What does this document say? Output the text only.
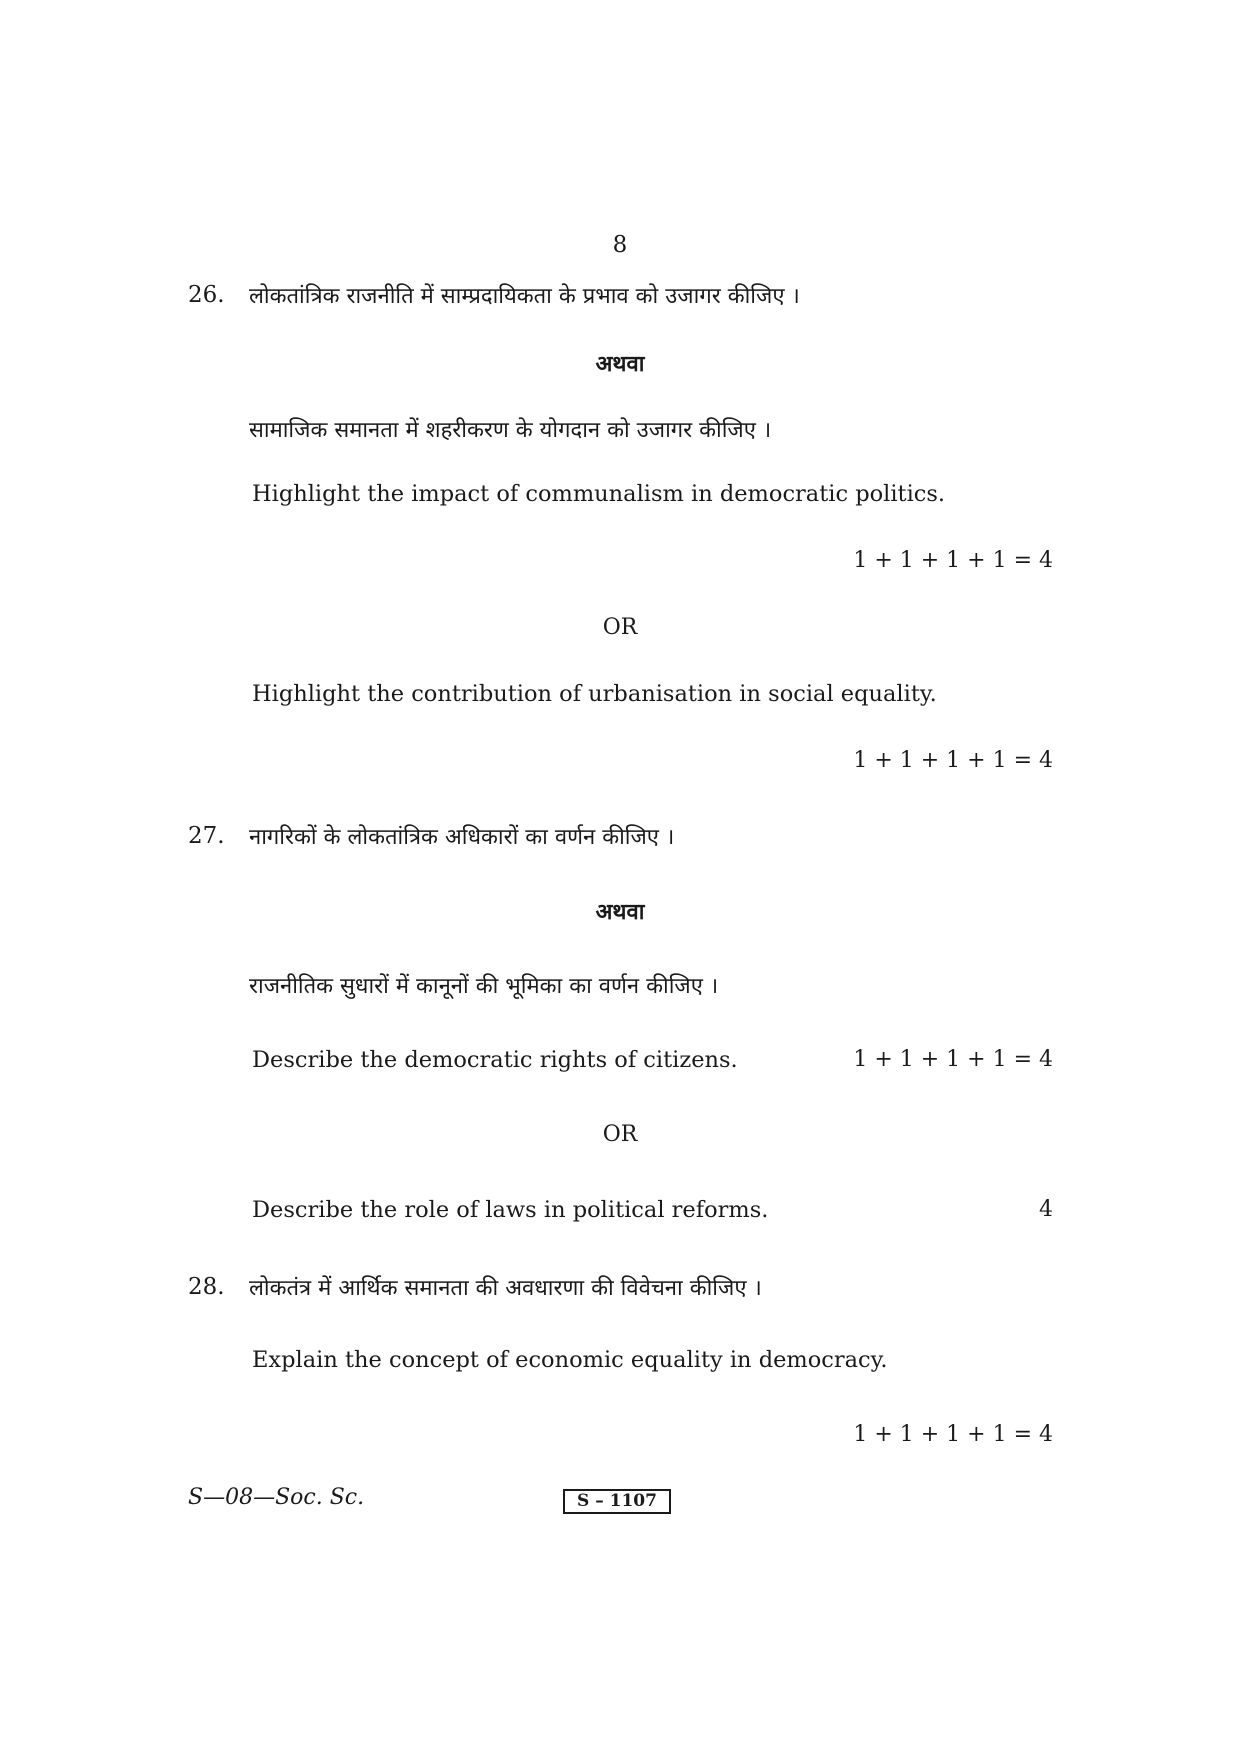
8
26. लोकतांत्रिक राजनीति में साम्प्रदायिकता के प्रभाव को उजागर कीजिए ।
अथवा
सामाजिक समानता में शहरीकरण के योगदान को उजागर कीजिए ।
Highlight the impact of communalism in democratic politics.
1 + 1 + 1 + 1 = 4
OR
Highlight the contribution of urbanisation in social equality.
1 + 1 + 1 + 1 = 4
27. नागरिकों के लोकतांत्रिक अधिकारों का वर्णन कीजिए ।
अथवा
राजनीतिक सुधारों में कानूनों की भूमिका का वर्णन कीजिए ।
Describe the democratic rights of citizens.	1 + 1 + 1 + 1 = 4
OR
Describe the role of laws in political reforms.	4
28. लोकतंत्र में आर्थिक समानता की अवधारणा की विवेचना कीजिए ।
Explain the concept of economic equality in democracy.
1 + 1 + 1 + 1 = 4
S—08—Soc. Sc.	S – 1107
